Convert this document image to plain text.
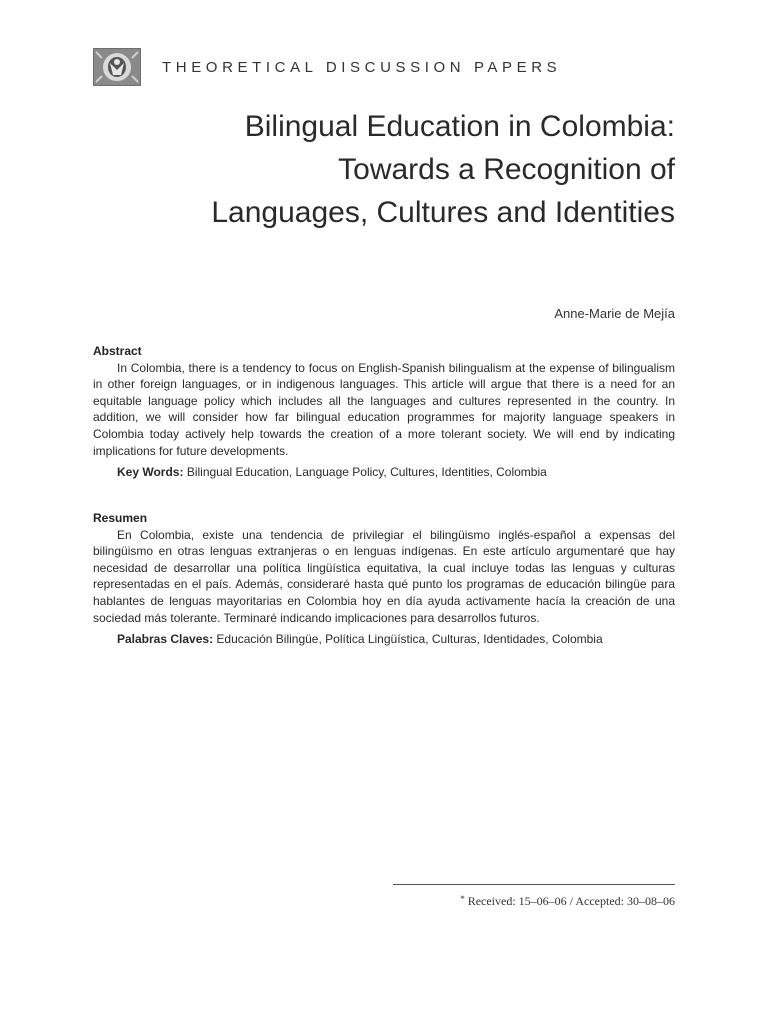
THEORETICAL DISCUSSION PAPERS
Bilingual Education in Colombia:
Towards a Recognition of
Languages, Cultures and Identities
Anne-Marie de Mejía

Abstract

In Colombia, there is a tendency to focus on English-Spanish bilingualism at the expense of bilingualism in other foreign languages, or in indigenous languages. This article will argue that there is a need for an equitable language policy which includes all the languages and cultures represented in the country. In addition, we will consider how far bilingual education programmes for majority language speakers in Colombia today actively help towards the creation of a more tolerant society. We will end by indicating implications for future developments.

Key Words: Bilingual Education, Language Policy, Cultures, Identities, Colombia

Resumen

En Colombia, existe una tendencia de privilegiar el bilingüismo inglés-español a expensas del bilingüismo en otras lenguas extranjeras o en lenguas indígenas. En este artículo argumentaré que hay necesidad de desarrollar una política lingüística equitativa, la cual incluye todas las lenguas y culturas representadas en el país. Además, consideraré hasta qué punto los programas de educación bilingüe para hablantes de lenguas mayoritarias en Colombia hoy en día ayuda activamente hacía la creación de una sociedad más tolerante. Terminaré indicando implicaciones para desarrollos futuros.

Palabras Claves: Educación Bilingüe, Política Lingüística, Culturas, Identidades, Colombia

* Received: 15–06–06 / Accepted: 30–08–06
